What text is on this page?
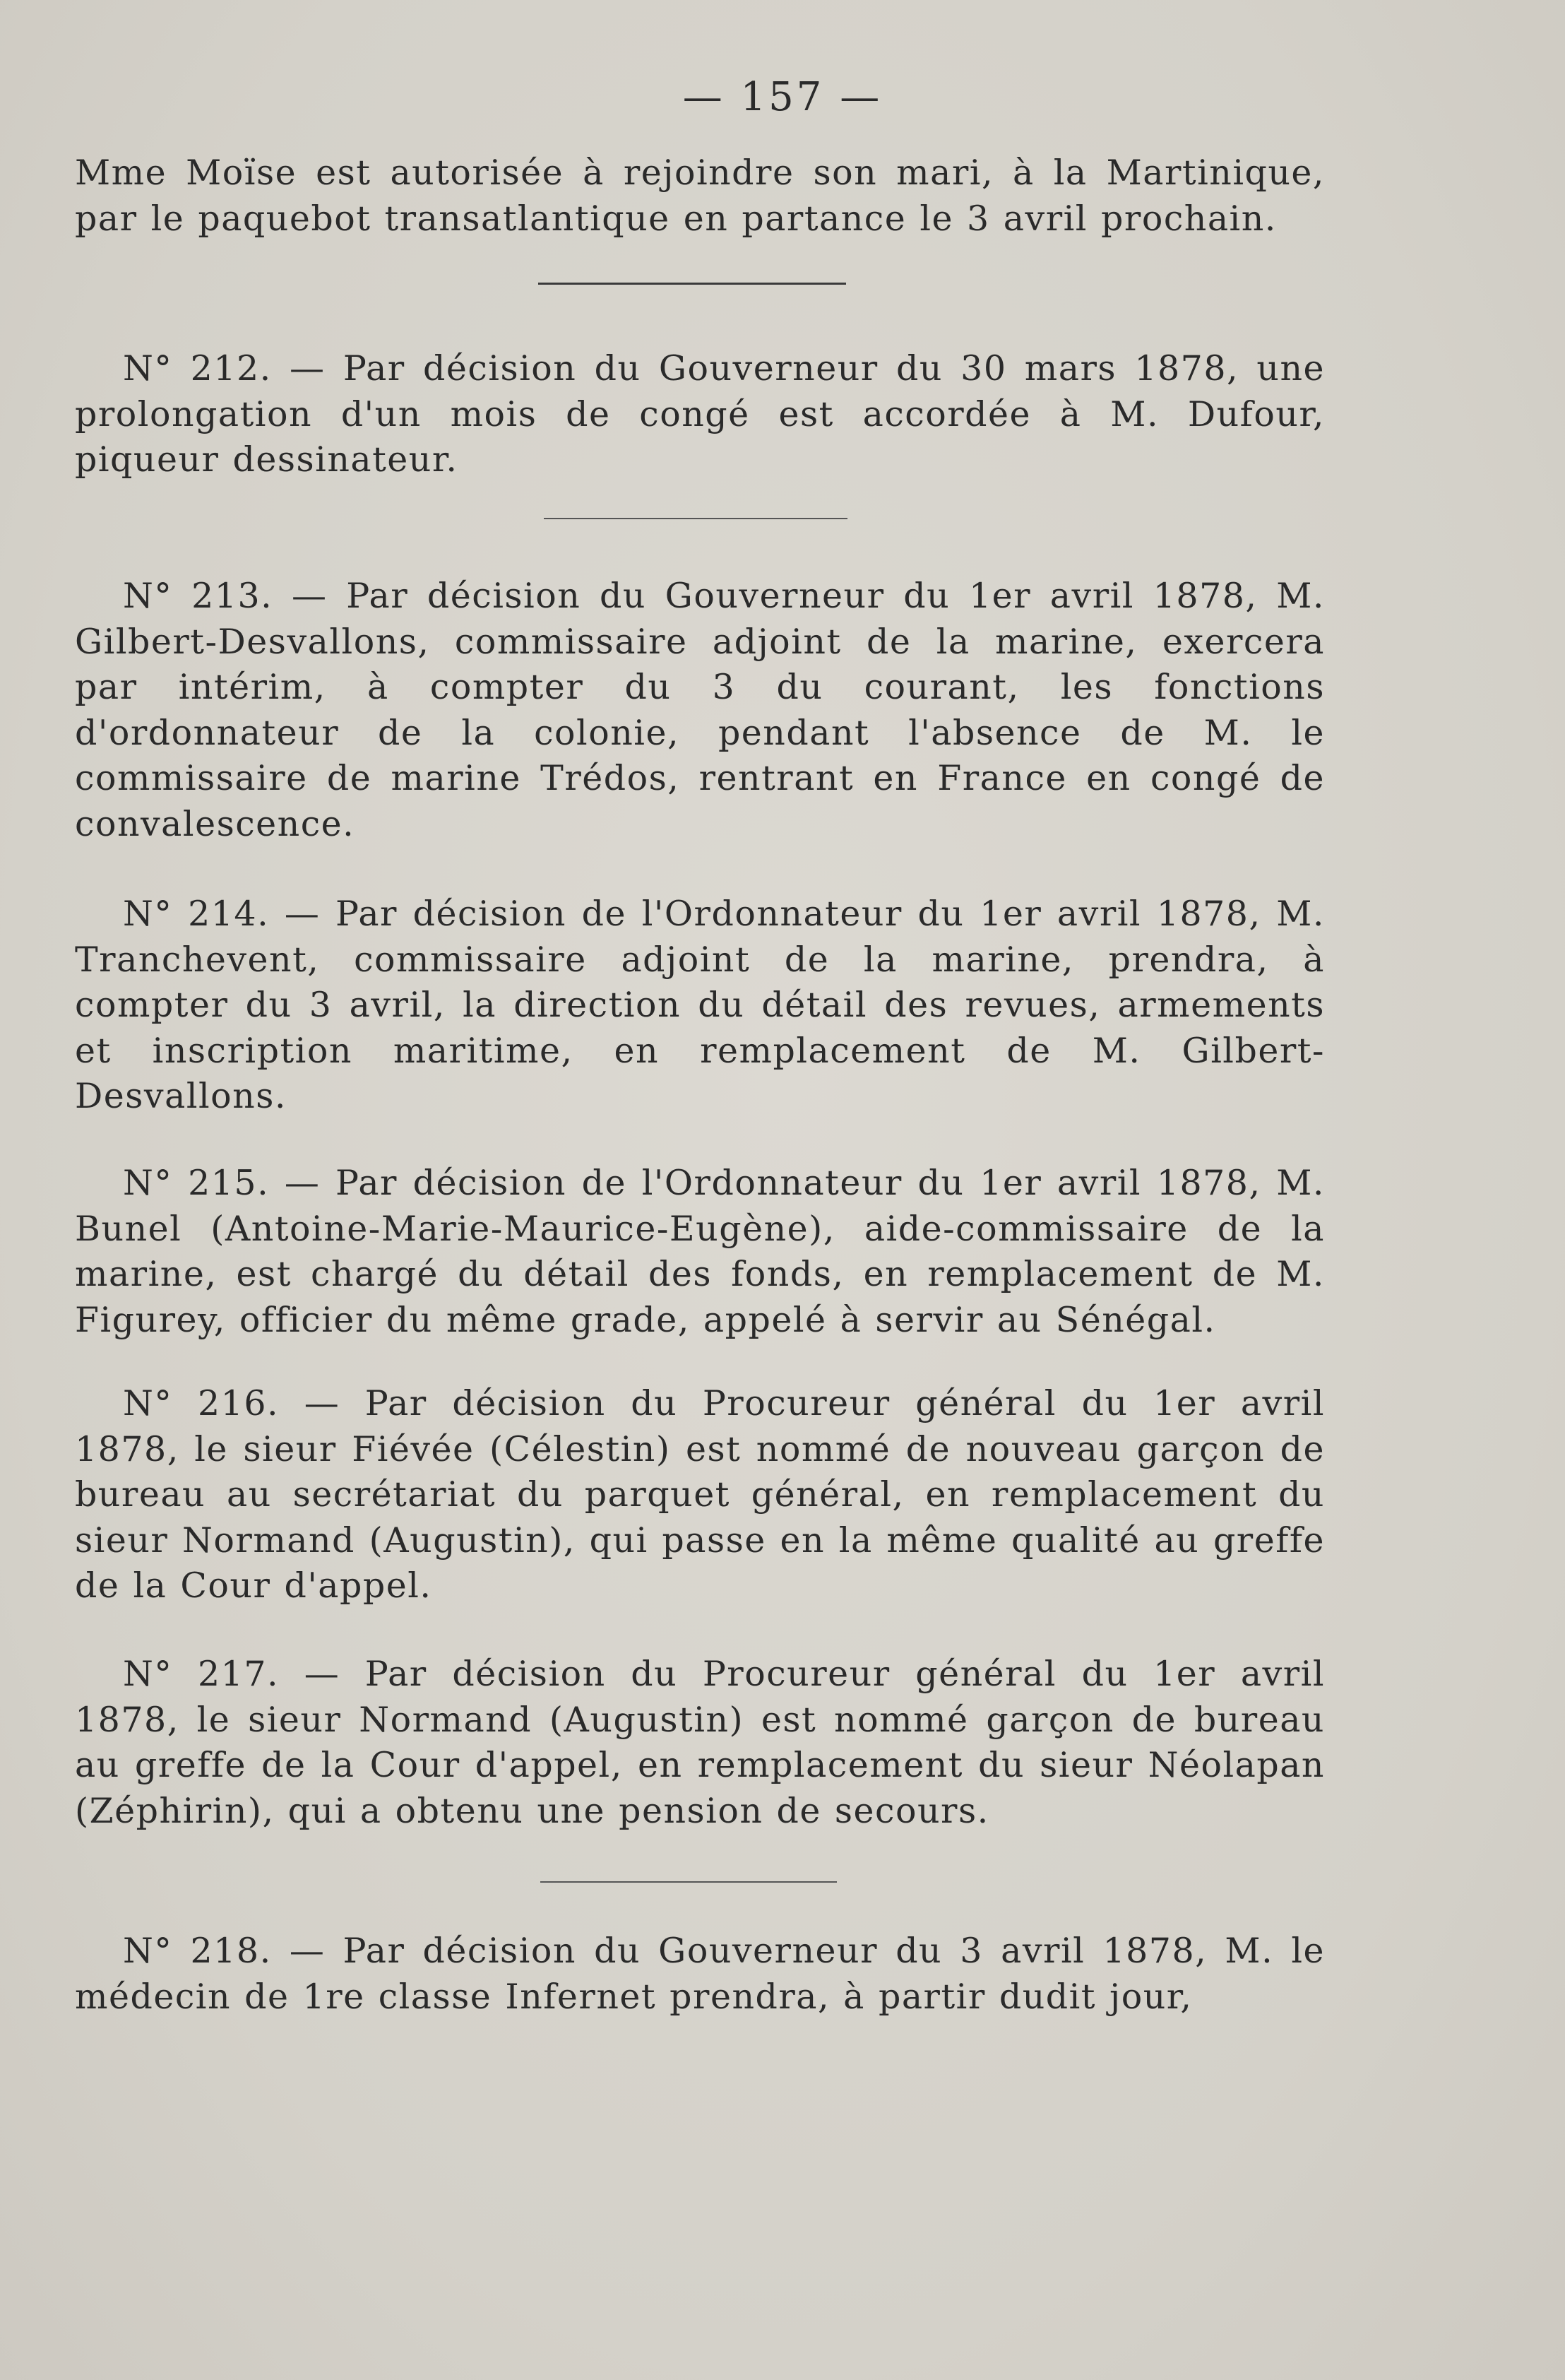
— 157 —

Mme Moïse est autorisée à rejoindre son mari, à la Martinique, par le paquebot transatlantique en partance le 3 avril prochain.

N° 212. — Par décision du Gouverneur du 30 mars 1878, une prolongation d'un mois de congé est accordée à M. Dufour, piqueur dessinateur.

N° 213. — Par décision du Gouverneur du 1er avril 1878, M. Gilbert-Desvallons, commissaire adjoint de la marine, exercera par intérim, à compter du 3 du courant, les fonctions d'ordonnateur de la colonie, pendant l'absence de M. le commissaire de marine Trédos, rentrant en France en congé de convalescence.

N° 214. — Par décision de l'Ordonnateur du 1er avril 1878, M. Tranchevent, commissaire adjoint de la marine, prendra, à compter du 3 avril, la direction du détail des revues, armements et inscription maritime, en remplacement de M. Gilbert-Desvallons.

N° 215. — Par décision de l'Ordonnateur du 1er avril 1878, M. Bunel (Antoine-Marie-Maurice-Eugène), aide-commissaire de la marine, est chargé du détail des fonds, en remplacement de M. Figurey, officier du même grade, appelé à servir au Sénégal.

N° 216. — Par décision du Procureur général du 1er avril 1878, le sieur Fiévée (Célestin) est nommé de nouveau garçon de bureau au secrétariat du parquet général, en remplacement du sieur Normand (Augustin), qui passe en la même qualité au greffe de la Cour d'appel.

N° 217. — Par décision du Procureur général du 1er avril 1878, le sieur Normand (Augustin) est nommé garçon de bureau au greffe de la Cour d'appel, en remplacement du sieur Néolapan (Zéphirin), qui a obtenu une pension de secours.

N° 218. — Par décision du Gouverneur du 3 avril 1878, M. le médecin de 1re classe Infernet prendra, à partir dudit jour,
